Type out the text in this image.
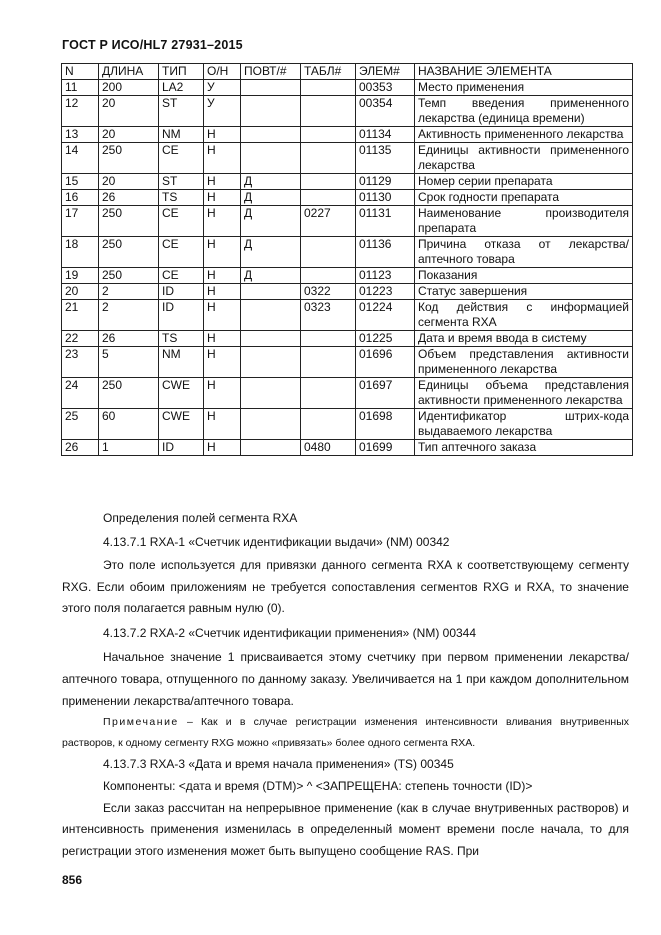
ГОСТ Р ИСО/HL7 27931–2015
N	ДЛИНА	ТИП	О/Н	ПОВТ/#	ТАБЛ#	ЭЛЕМ#	НАЗВАНИЕ ЭЛЕМЕНТА
11	200	LA2	У			00353	Место применения
12	20	ST	У			00354	Темп введения примененного лекарства (единица времени)
13	20	NM	Н			01134	Активность примененного лекарства
14	250	CE	Н			01135	Единицы активности примененного лекарства
15	20	ST	Н	Д		01129	Номер серии препарата
16	26	TS	Н	Д		01130	Срок годности препарата
17	250	CE	Н	Д	0227	01131	Наименование производителя препарата
18	250	CE	Н	Д		01136	Причина отказа от лекарства/аптечного товара
19	250	CE	Н	Д		01123	Показания
20	2	ID	Н		0322	01223	Статус завершения
21	2	ID	Н		0323	01224	Код действия с информацией сегмента RXA
22	26	TS	Н			01225	Дата и время ввода в систему
23	5	NM	Н			01696	Объем представления активности примененного лекарства
24	250	CWE	Н			01697	Единицы объема представления активности примененного лекарства
25	60	CWE	Н			01698	Идентификатор штрих-кода выдаваемого лекарства
26	1	ID	Н		0480	01699	Тип аптечного заказа

Определения полей сегмента RXA

4.13.7.1 RXA-1 «Счетчик идентификации выдачи» (NM) 00342

Это поле используется для привязки данного сегмента RXA к соответствующему сегменту RXG. Если обоим приложениям не требуется сопоставления сегментов RXG и RXA, то значение этого поля полагается равным нулю (0).

4.13.7.2 RXA-2 «Счетчик идентификации применения» (NM) 00344

Начальное значение 1 присваивается этому счетчику при первом применении лекарства/аптечного товара, отпущенного по данному заказу. Увеличивается на 1 при каждом дополнительном применении лекарства/аптечного товара.

Примечание – Как и в случае регистрации изменения интенсивности вливания внутривенных растворов, к одному сегменту RXG можно «привязать» более одного сегмента RXA.

4.13.7.3 RXA-3 «Дата и время начала применения» (TS) 00345

Компоненты: <дата и время (DTM)> ^ <ЗАПРЕЩЕНА: степень точности (ID)>

Если заказ рассчитан на непрерывное применение (как в случае внутривенных растворов) и интенсивность применения изменилась в определенный момент времени после начала, то для регистрации этого изменения может быть выпущено сообщение RAS. При

856
